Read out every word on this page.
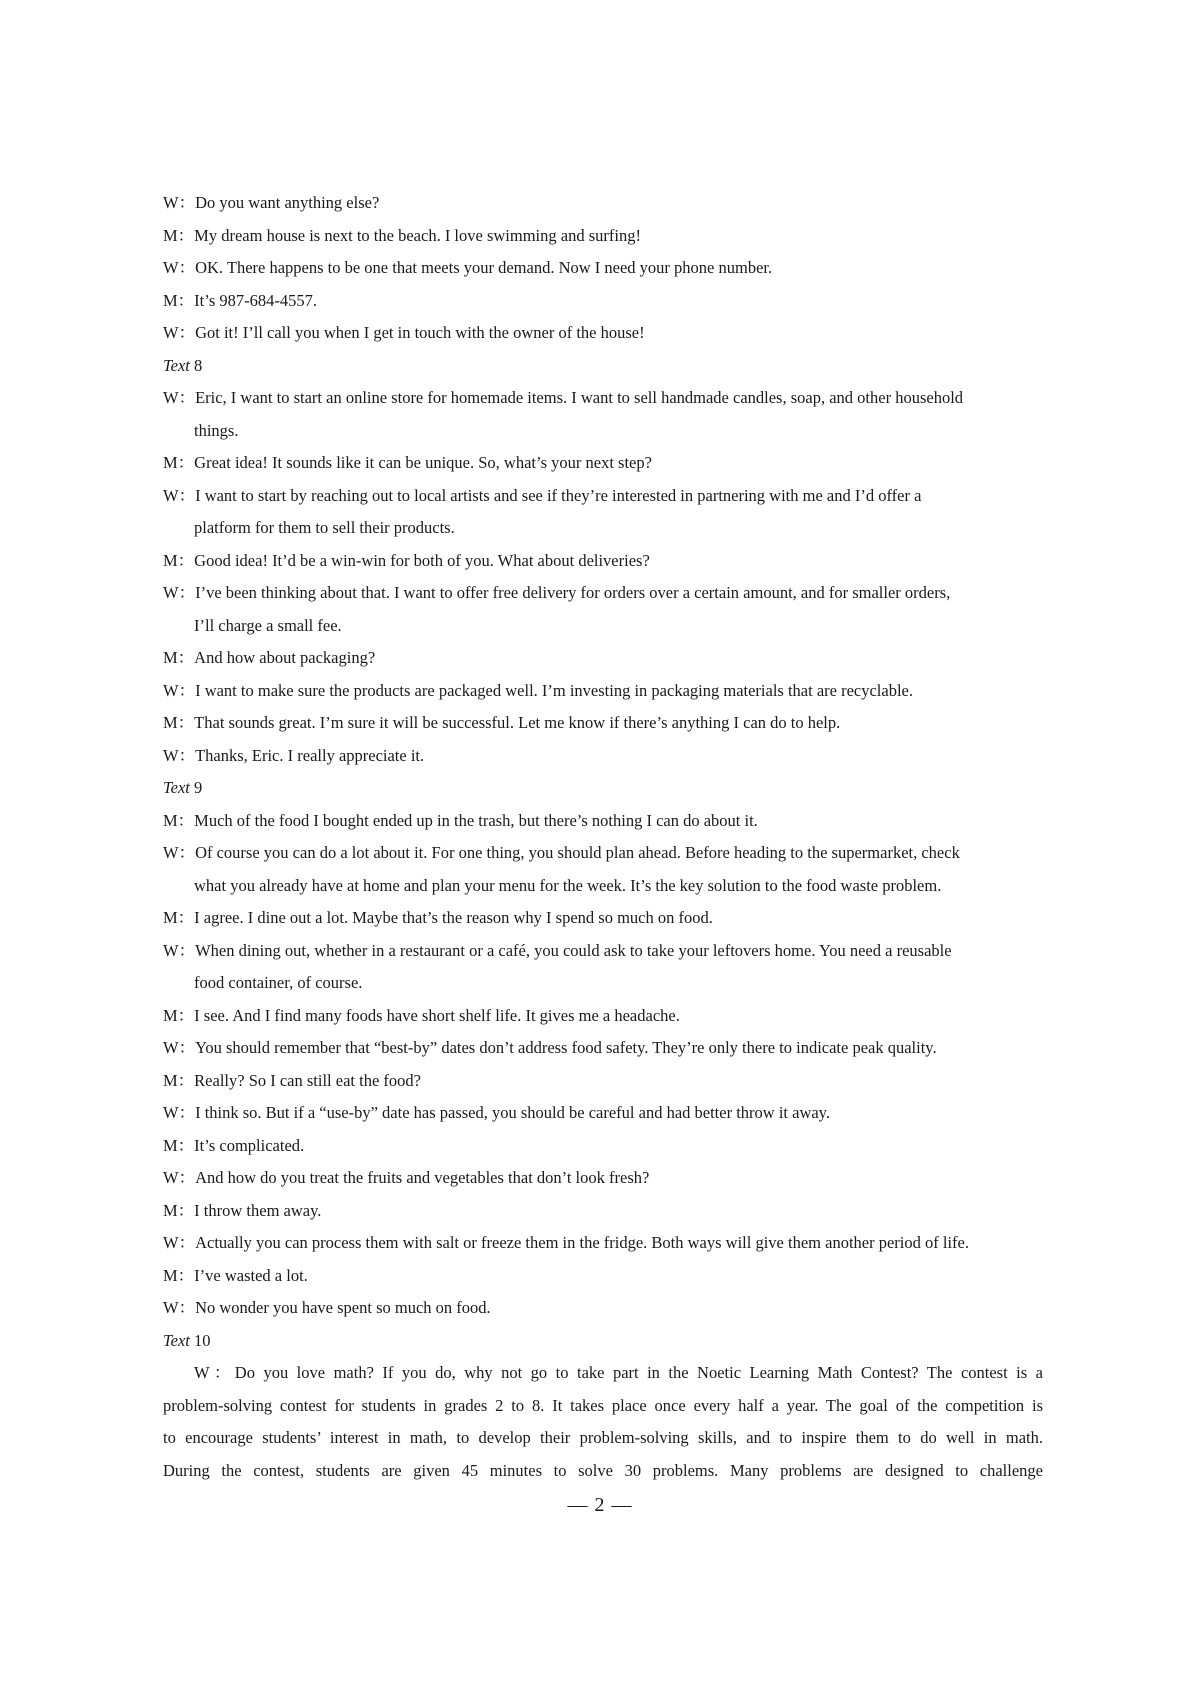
W： Do you want anything else?
M： My dream house is next to the beach. I love swimming and surfing!
W： OK. There happens to be one that meets your demand. Now I need your phone number.
M： It’s 987-684-4557.
W： Got it! I’ll call you when I get in touch with the owner of the house!
Text 8
W： Eric, I want to start an online store for homemade items. I want to sell handmade candles, soap, and other household
things.
M： Great idea! It sounds like it can be unique. So, what’s your next step?
W： I want to start by reaching out to local artists and see if they’re interested in partnering with me and I’d offer a
platform for them to sell their products.
M： Good idea! It’d be a win-win for both of you. What about deliveries?
W： I’ve been thinking about that. I want to offer free delivery for orders over a certain amount, and for smaller orders,
I’ll charge a small fee.
M： And how about packaging?
W： I want to make sure the products are packaged well. I’m investing in packaging materials that are recyclable.
M： That sounds great. I’m sure it will be successful. Let me know if there’s anything I can do to help.
W： Thanks, Eric. I really appreciate it.
Text 9
M： Much of the food I bought ended up in the trash, but there’s nothing I can do about it.
W： Of course you can do a lot about it. For one thing, you should plan ahead. Before heading to the supermarket, check
what you already have at home and plan your menu for the week. It’s the key solution to the food waste problem.
M： I agree. I dine out a lot. Maybe that’s the reason why I spend so much on food.
W： When dining out, whether in a restaurant or a café, you could ask to take your leftovers home. You need a reusable
food container, of course.
M： I see. And I find many foods have short shelf life. It gives me a headache.
W： You should remember that “best-by” dates don’t address food safety. They’re only there to indicate peak quality.
M： Really? So I can still eat the food?
W： I think so. But if a “use-by” date has passed, you should be careful and had better throw it away.
M： It’s complicated.
W： And how do you treat the fruits and vegetables that don’t look fresh?
M： I throw them away.
W： Actually you can process them with salt or freeze them in the fridge. Both ways will give them another period of life.
M： I’ve wasted a lot.
W： No wonder you have spent so much on food.
Text 10
W：Do you love math? If you do, why not go to take part in the Noetic Learning Math Contest? The contest is a
problem-solving contest for students in grades 2 to 8. It takes place once every half a year. The goal of the competition is
to encourage students’ interest in math, to develop their problem-solving skills, and to inspire them to do well in math.
During the contest, students are given 45 minutes to solve 30 problems. Many problems are designed to challenge
— 2 —
